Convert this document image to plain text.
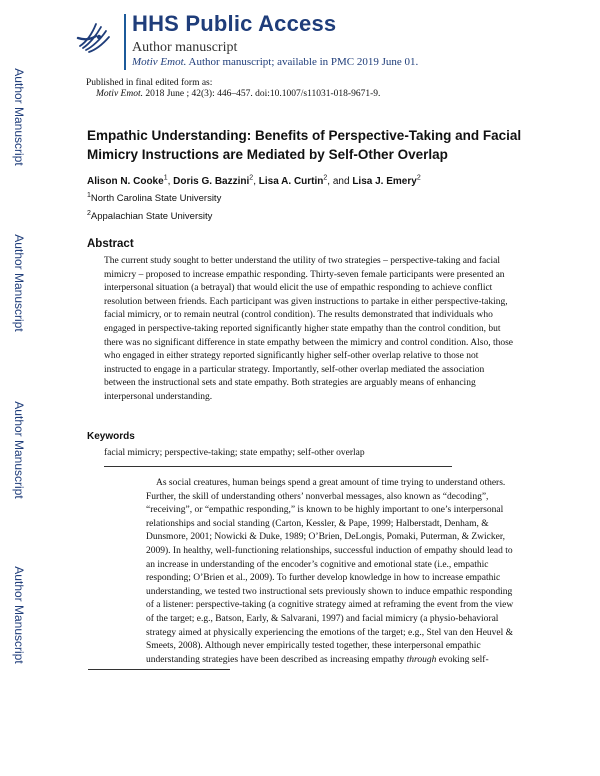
HHS Public Access
Author manuscript
Motiv Emot. Author manuscript; available in PMC 2019 June 01.
Author Manuscript
Author Manuscript
Author Manuscript
Author Manuscript
Published in final edited form as:
Motiv Emot. 2018 June ; 42(3): 446–457. doi:10.1007/s11031-018-9671-9.
Empathic Understanding: Benefits of Perspective-Taking and Facial Mimicry Instructions are Mediated by Self-Other Overlap
Alison N. Cooke$^1$, Doris G. Bazzini$^2$, Lisa A. Curtin$^2$, and Lisa J. Emery$^2$
$^1$North Carolina State University
$^2$Appalachian State University
Abstract
The current study sought to better understand the utility of two strategies – perspective-taking and facial mimicry – proposed to increase empathic responding. Thirty-seven female participants were presented an interpersonal situation (a betrayal) that would elicit the use of empathic responding to achieve conflict resolution between friends. Each participant was given instructions to partake in either perspective-taking, facial mimicry, or to remain neutral (control condition). The results demonstrated that individuals who engaged in perspective-taking reported significantly higher state empathy than the control condition, but there was no significant difference in state empathy between the mimicry and control condition. Also, those who engaged in either strategy reported significantly higher self-other overlap relative to those not instructed to engage in a particular strategy. Importantly, self-other overlap mediated the association between the instructional sets and state empathy. Both strategies are arguably means of enhancing interpersonal understanding.
Keywords
facial mimicry; perspective-taking; state empathy; self-other overlap
As social creatures, human beings spend a great amount of time trying to understand others. Further, the skill of understanding others’ nonverbal messages, also known as “decoding”, “receiving”, or “empathic responding,” is known to be highly important to one’s interpersonal relationships and social standing (Carton, Kessler, & Pape, 1999; Halberstadt, Denham, & Dunsmore, 2001; Nowicki & Duke, 1989; O’Brien, DeLongis, Pomaki, Puterman, & Zwicker, 2009). In healthy, well-functioning relationships, successful induction of empathy should lead to an increase in understanding of the encoder’s cognitive and emotional state (i.e., empathic responding; O’Brien et al., 2009). To further develop knowledge in how to increase empathic understanding, we tested two instructional sets previously shown to induce empathic responding of a listener: perspective-taking (a cognitive strategy aimed at reframing the event from the view of the target; e.g., Batson, Early, & Salvarani, 1997) and facial mimicry (a physio-behavioral strategy aimed at physically experiencing the emotions of the target; e.g., Stel van den Heuvel & Smeets, 2008). Although never empirically tested together, these interpersonal empathic understanding strategies have been described as increasing empathy through evoking self-
